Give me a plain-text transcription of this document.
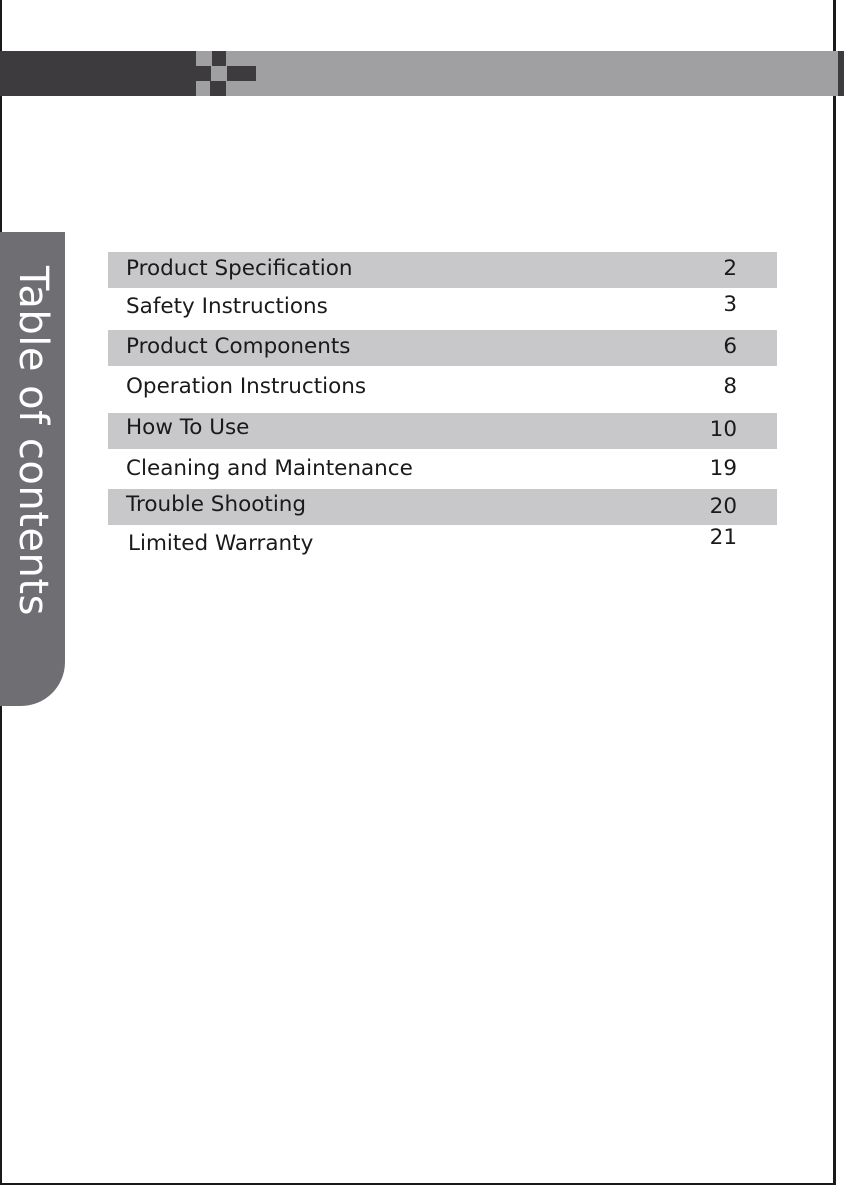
Table of contents	Product Specification	2
Safety Instructions	3
Product Components	6
Operation Instructions	8
How To Use	10
Cleaning and Maintenance	19
Trouble Shooting	20
Limited Warranty	21
